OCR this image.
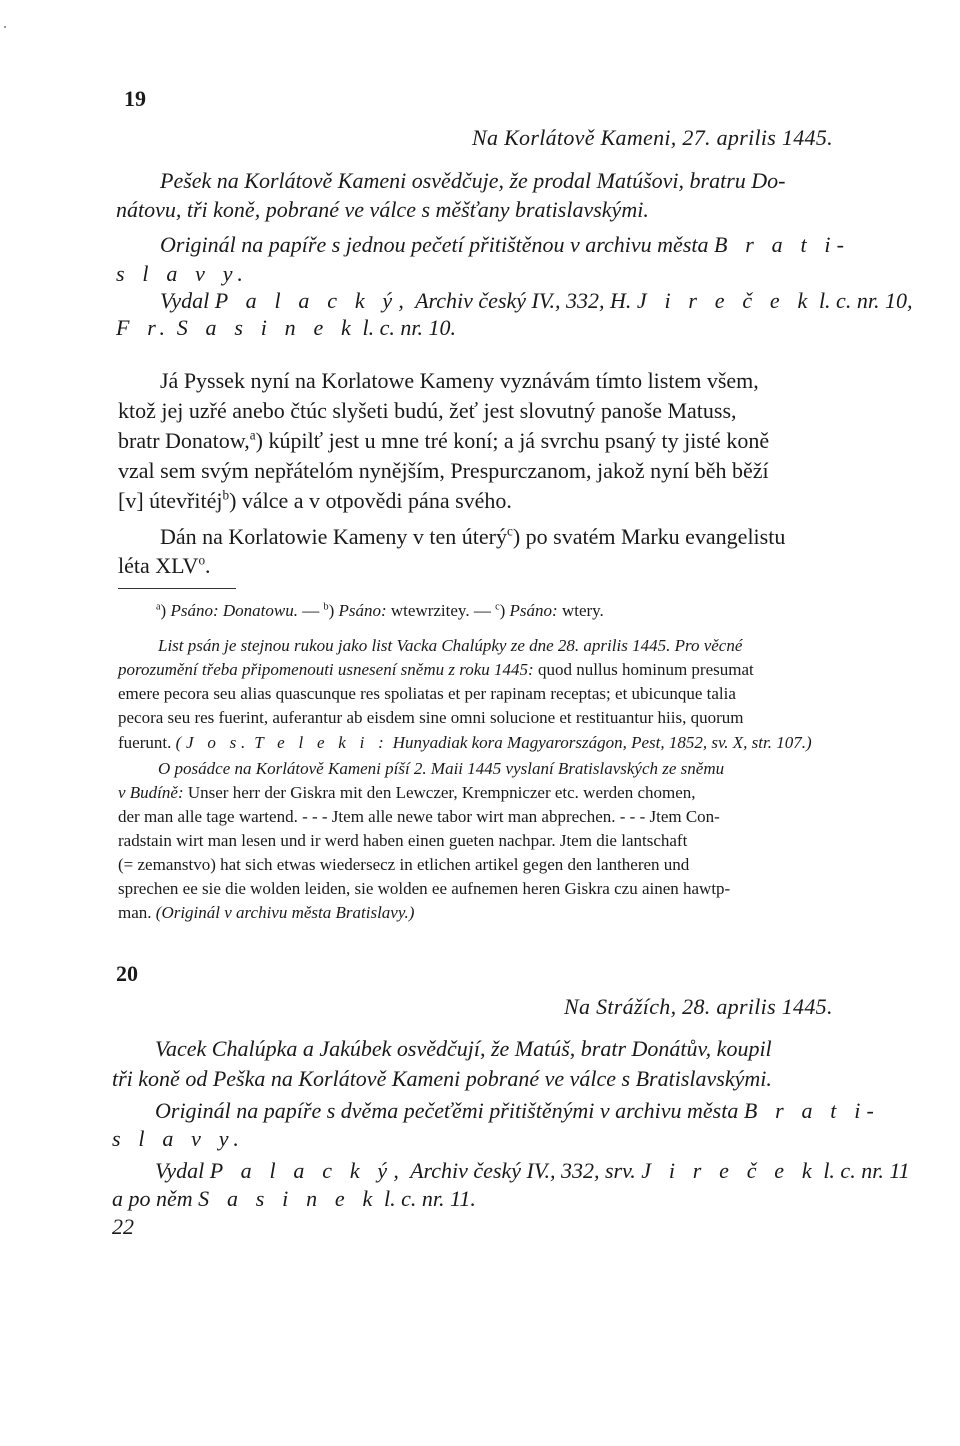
19
Na Korlátově Kameni, 27. aprilis 1445.
Pešek na Korlátově Kameni osvědčuje, že prodal Matúšovi, bratru Do-
nátovu, tři koně, pobrané ve válce s měšťany bratislavskými.
Originál na papíře s jednou pečetí přitištěnou v archivu města B r a t i-
s l a v y.
Vydal P a l a c k ý, Archiv český IV., 332, H. J i r e č e k l. c. nr. 10,
F r. S a s i n e k l. c. nr. 10.
Já Pyssek nyní na Korlatowe Kameny vyznávám tímto listem všem,
ktož jej uzřé anebo čtúc slyšeti budú, žeť jest slovutný panoše Matuss,
bratr Donatow,$^a$) kúpilť jest u mne tré koní; a já svrchu psaný ty jisté koně
vzal sem svým nepřátelóm nynějším, Prespurczanom, jakož nyní běh běží
[v] útevřitéj$^b$) válce a v otpovědi pána svého.
Dán na Korlatowie Kameny v ten úterý$^c$) po svatém Marku evangelistu
léta XLV$^o$.
$^a$) Psáno: Donatowu. — $^b$) Psáno: wtewrzitey. — $^c$) Psáno: wtery.
List psán je stejnou rukou jako list Vacka Chalúpky ze dne 28. aprilis 1445. Pro věcné
porozumění třeba připomenouti usnesení sněmu z roku 1445: quod nullus hominum presumat
emere pecora seu alias quascunque res spoliatas et per rapinam receptas; et ubicunque talia
pecora seu res fuerint, auferantur ab eisdem sine omni solucione et restituantur hiis, quorum
fuerunt. (J o s. T e l e k i : Hunyadiak kora Magyarországon, Pest, 1852, sv. X, str. 107.)
O posádce na Korlátově Kameni píší 2. Maii 1445 vyslaní Bratislavských ze sněmu
v Budíně: Unser herr der Giskra mit den Lewczer, Krempniczer etc. werden chomen,
der man alle tage wartend. - - - Jtem alle newe tabor wirt man abprechen. - - - Jtem Con-
radstain wirt man lesen und ir werd haben einen gueten nachpar. Jtem die lantschaft
(= zemanstvo) hat sich etwas wiedersecz in etlichen artikel gegen den lantheren und
sprechen ee sie die wolden leiden, sie wolden ee aufnemen heren Giskra czu ainen hawtp-
man. (Originál v archivu města Bratislavy.)
20
Na Strážích, 28. aprilis 1445.
Vacek Chalúpka a Jakúbek osvědčují, že Matúš, bratr Donátův, koupil
tři koně od Peška na Korlátově Kameni pobrané ve válce s Bratislavskými.
Originál na papíře s dvěma pečeťěmi přitištěnými v archivu města B r a t i-
s l a v y.
Vydal P a l a c k ý, Archiv český IV., 332, srv. J i r e č e k l. c. nr. 11
a po něm S a s i n e k l. c. nr. 11.
22
